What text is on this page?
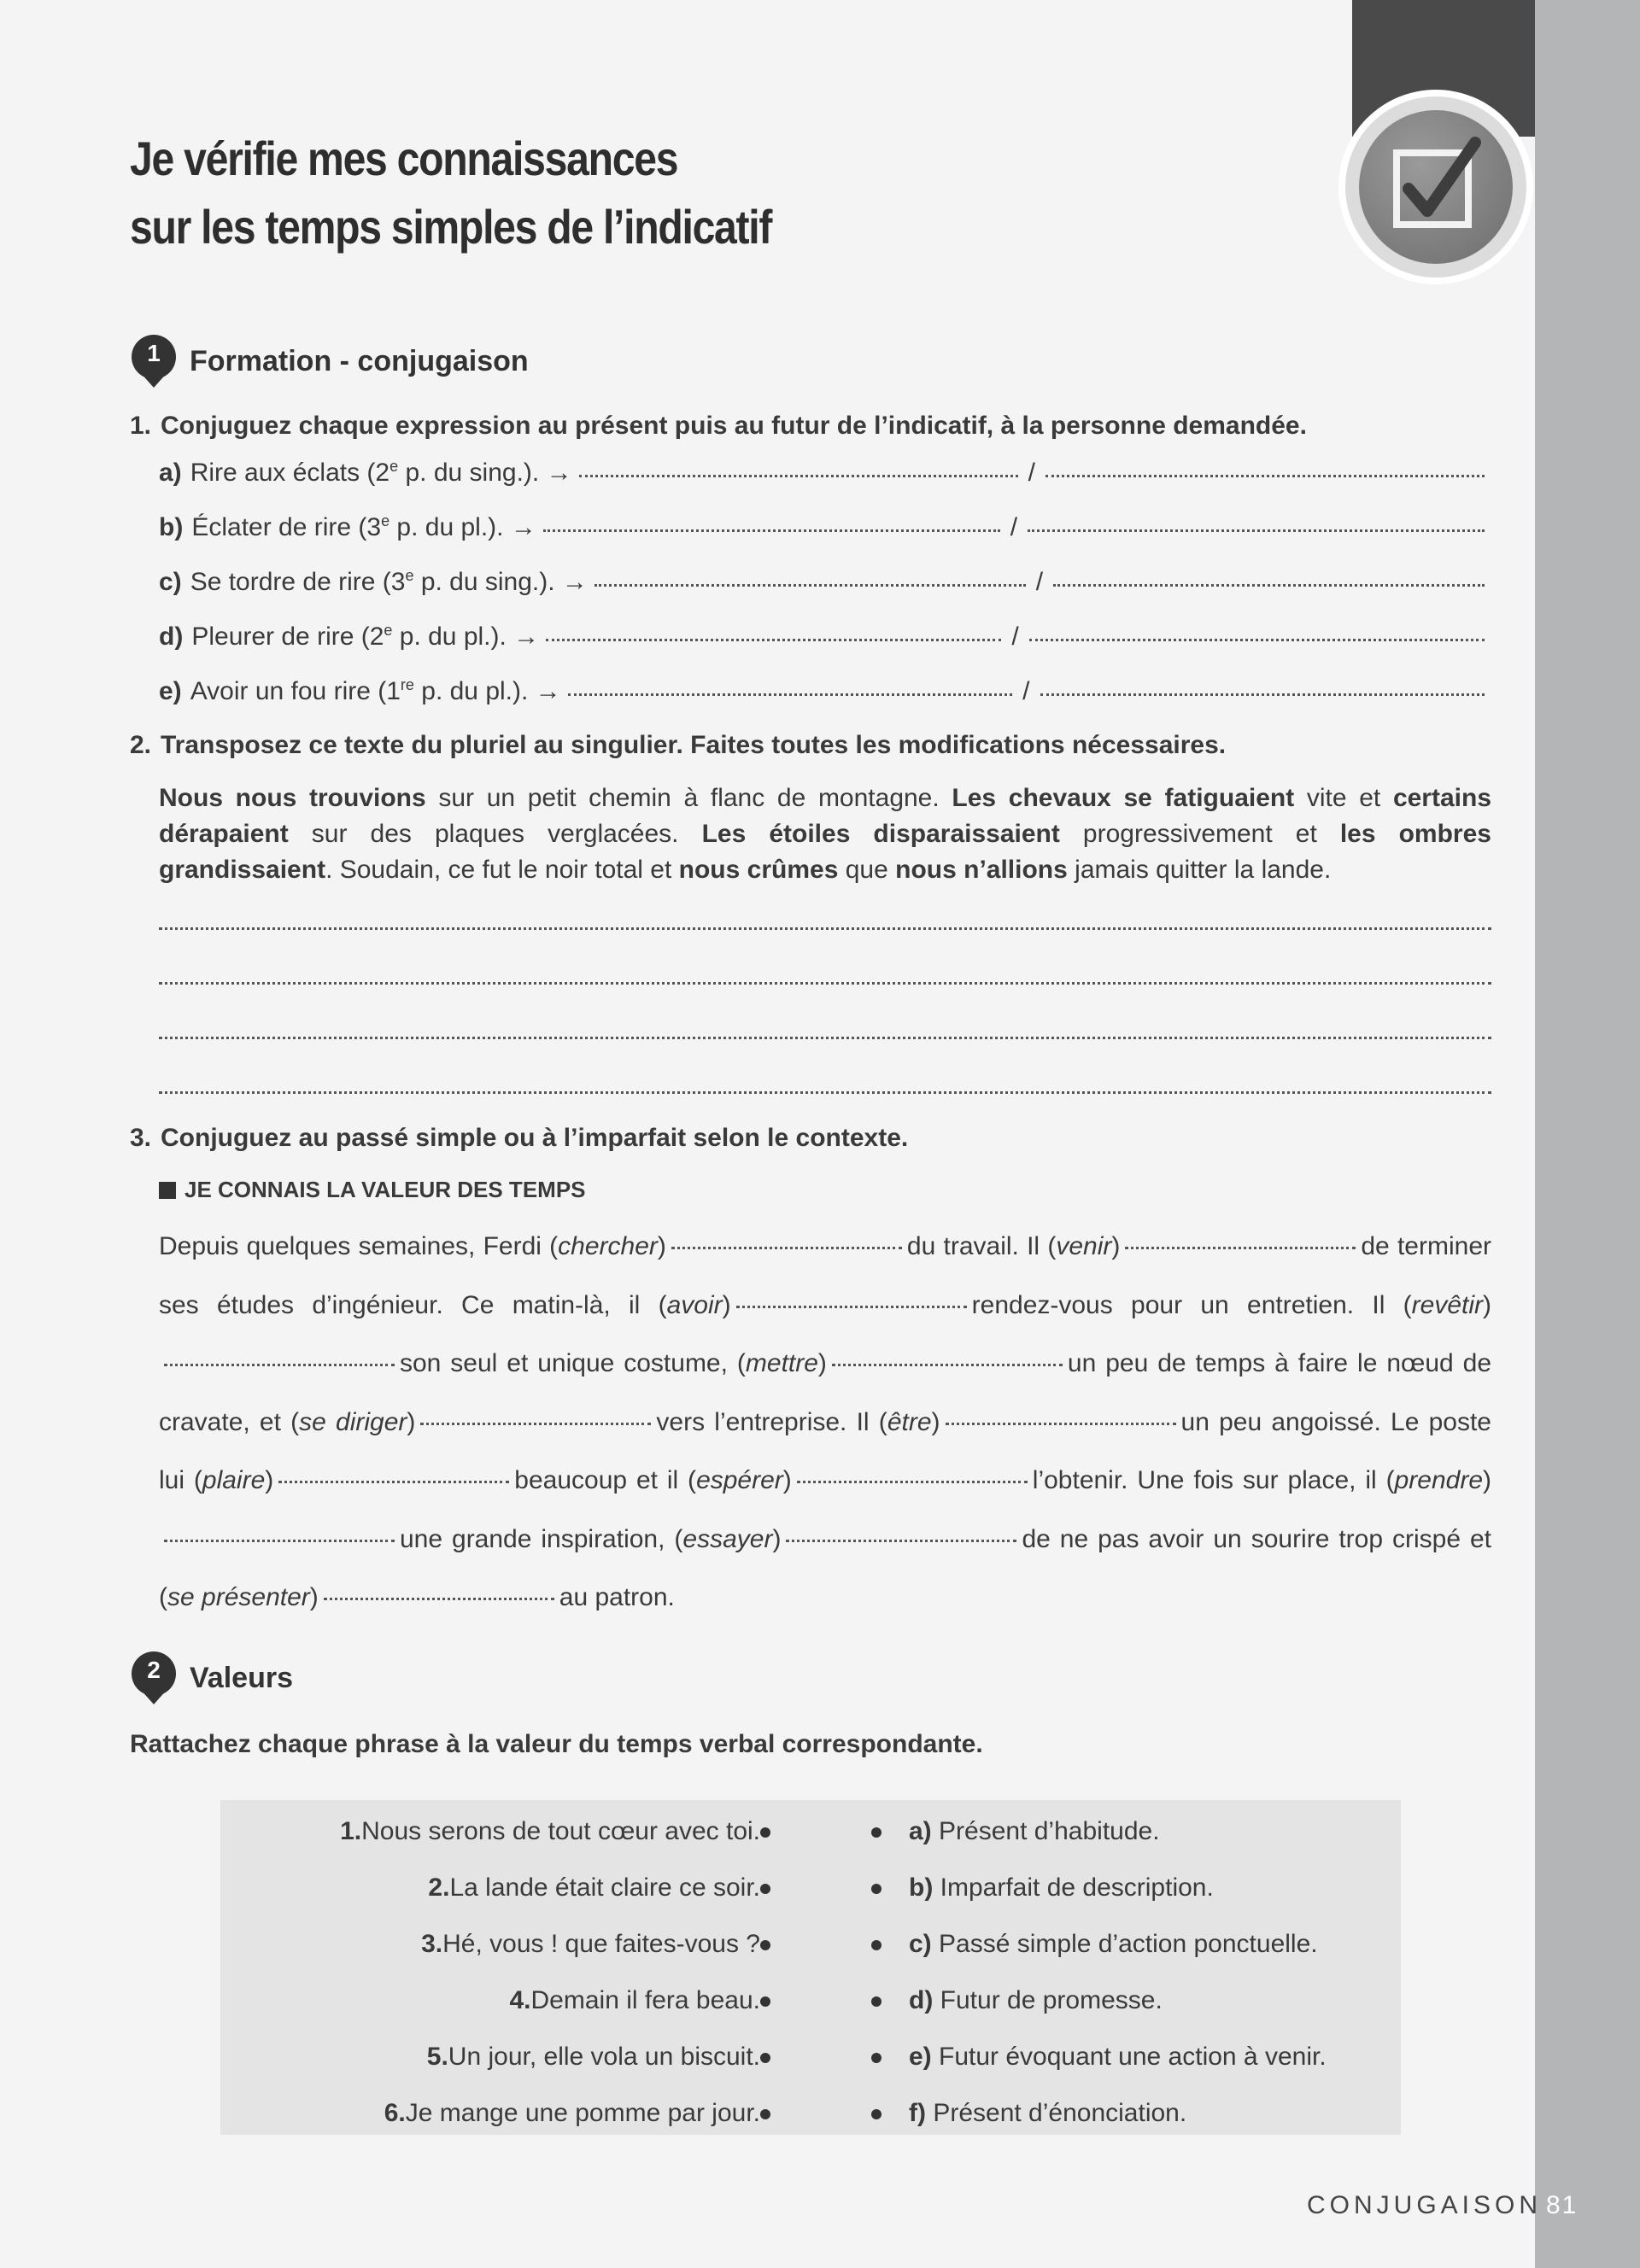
Je vérifie mes connaissances
sur les temps simples de l’indicatif
1	Formation - conjugaison
1. Conjuguez chaque expression au présent puis au futur de l’indicatif, à la personne demandée.
a) Rire aux éclats (2e p. du sing.). →	/
b) Éclater de rire (3e p. du pl.). →	/
c) Se tordre de rire (3e p. du sing.). →	/
d) Pleurer de rire (2e p. du pl.). →	/
e) Avoir un fou rire (1re p. du pl.). →	/
2. Transposez ce texte du pluriel au singulier. Faites toutes les modifications nécessaires.
Nous nous trouvions sur un petit chemin à flanc de montagne. Les chevaux se fatiguaient vite et certains dérapaient sur des plaques verglacées. Les étoiles disparaissaient progressivement et les ombres grandissaient. Soudain, ce fut le noir total et nous crûmes que nous n’allions jamais quitter la lande.
3. Conjuguez au passé simple ou à l’imparfait selon le contexte.
JE CONNAIS LA VALEUR DES TEMPS
Depuis quelques semaines, Ferdi (chercher)	du travail. Il (venir)	de terminer ses études d’ingénieur. Ce matin-là, il (avoir)	rendez-vous pour un entretien. Il (revêtir)son seul et unique costume, (mettre)	un peu de temps à faire le nœud de cravate, et (se diriger)	vers l’entreprise. Il (être)	un peu angoissé. Le poste lui (plaire)	beaucoup et il (espérer)	l’obtenir. Une fois sur place, il (prendre)une grande inspiration, (essayer)	de ne pas avoir un sourire trop crispé et (se présenter)	au patron.
2	Valeurs
Rattachez chaque phrase à la valeur du temps verbal correspondante.
1.Nous serons de tout cœur avec toi.	a) Présent d’habitude.
2.La lande était claire ce soir.	b) Imparfait de description.
3.Hé, vous ! que faites-vous ?	c) Passé simple d’action ponctuelle.
4.Demain il fera beau.	d) Futur de promesse.
5.Un jour, elle vola un biscuit.	e) Futur évoquant une action à venir.
6.Je mange une pomme par jour.	f) Présent d’énonciation.
CONJUGAISON 81
